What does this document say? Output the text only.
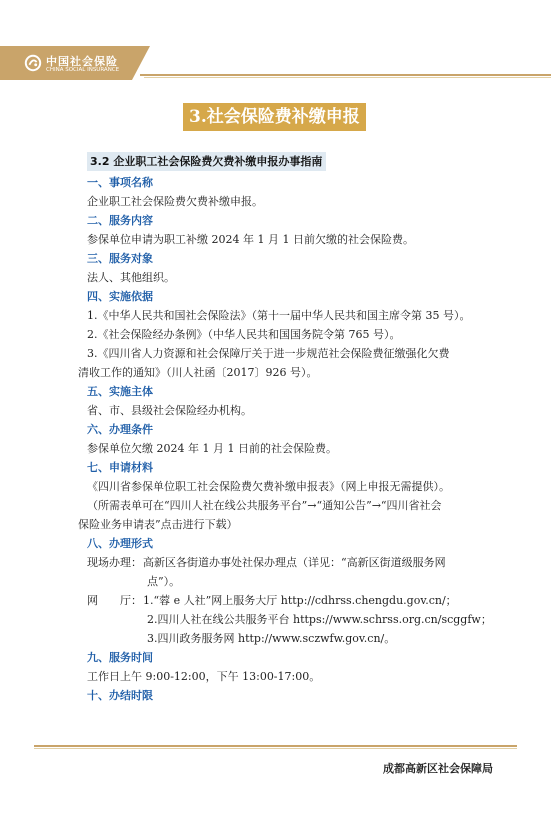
中国社会保险
CHINA SOCIAL INSURANCE
3.社会保险费补缴申报
3.2 企业职工社会保险费欠费补缴申报办事指南
一、事项名称
企业职工社会保险费欠费补缴申报。
二、服务内容
参保单位申请为职工补缴 2024 年 1 月 1 日前欠缴的社会保险费。
三、服务对象
法人、其他组织。
四、实施依据
1.《中华人民共和国社会保险法》（第十一届中华人民共和国主席令第 35 号）。
2.《社会保险经办条例》（中华人民共和国国务院令第 765 号）。
3.《四川省人力资源和社会保障厅关于进一步规范社会保险费征缴强化欠费
清收工作的通知》（川人社函〔2017〕926 号）。
五、实施主体
省、市、县级社会保险经办机构。
六、办理条件
参保单位欠缴 2024 年 1 月 1 日前的社会保险费。
七、申请材料
《四川省参保单位职工社会保险费欠费补缴申报表》（网上申报无需提供）。
（所需表单可在“四川人社在线公共服务平台”→“通知公告”→“四川省社会
保险业务申请表”点击进行下载）
八、办理形式
现场办理： 高新区各街道办事处社保办理点（详见：“高新区街道级服务网
点”）。
网　　厅： 1.“蓉 e 人社”网上服务大厅 http://cdhrss.chengdu.gov.cn/；
2.四川人社在线公共服务平台 https://www.schrss.org.cn/scggfw；
3.四川政务服务网 http://www.sczwfw.gov.cn/。
九、服务时间
工作日上午 9:00-12:00，下午 13:00-17:00。
十、办结时限
成都高新区社会保障局
